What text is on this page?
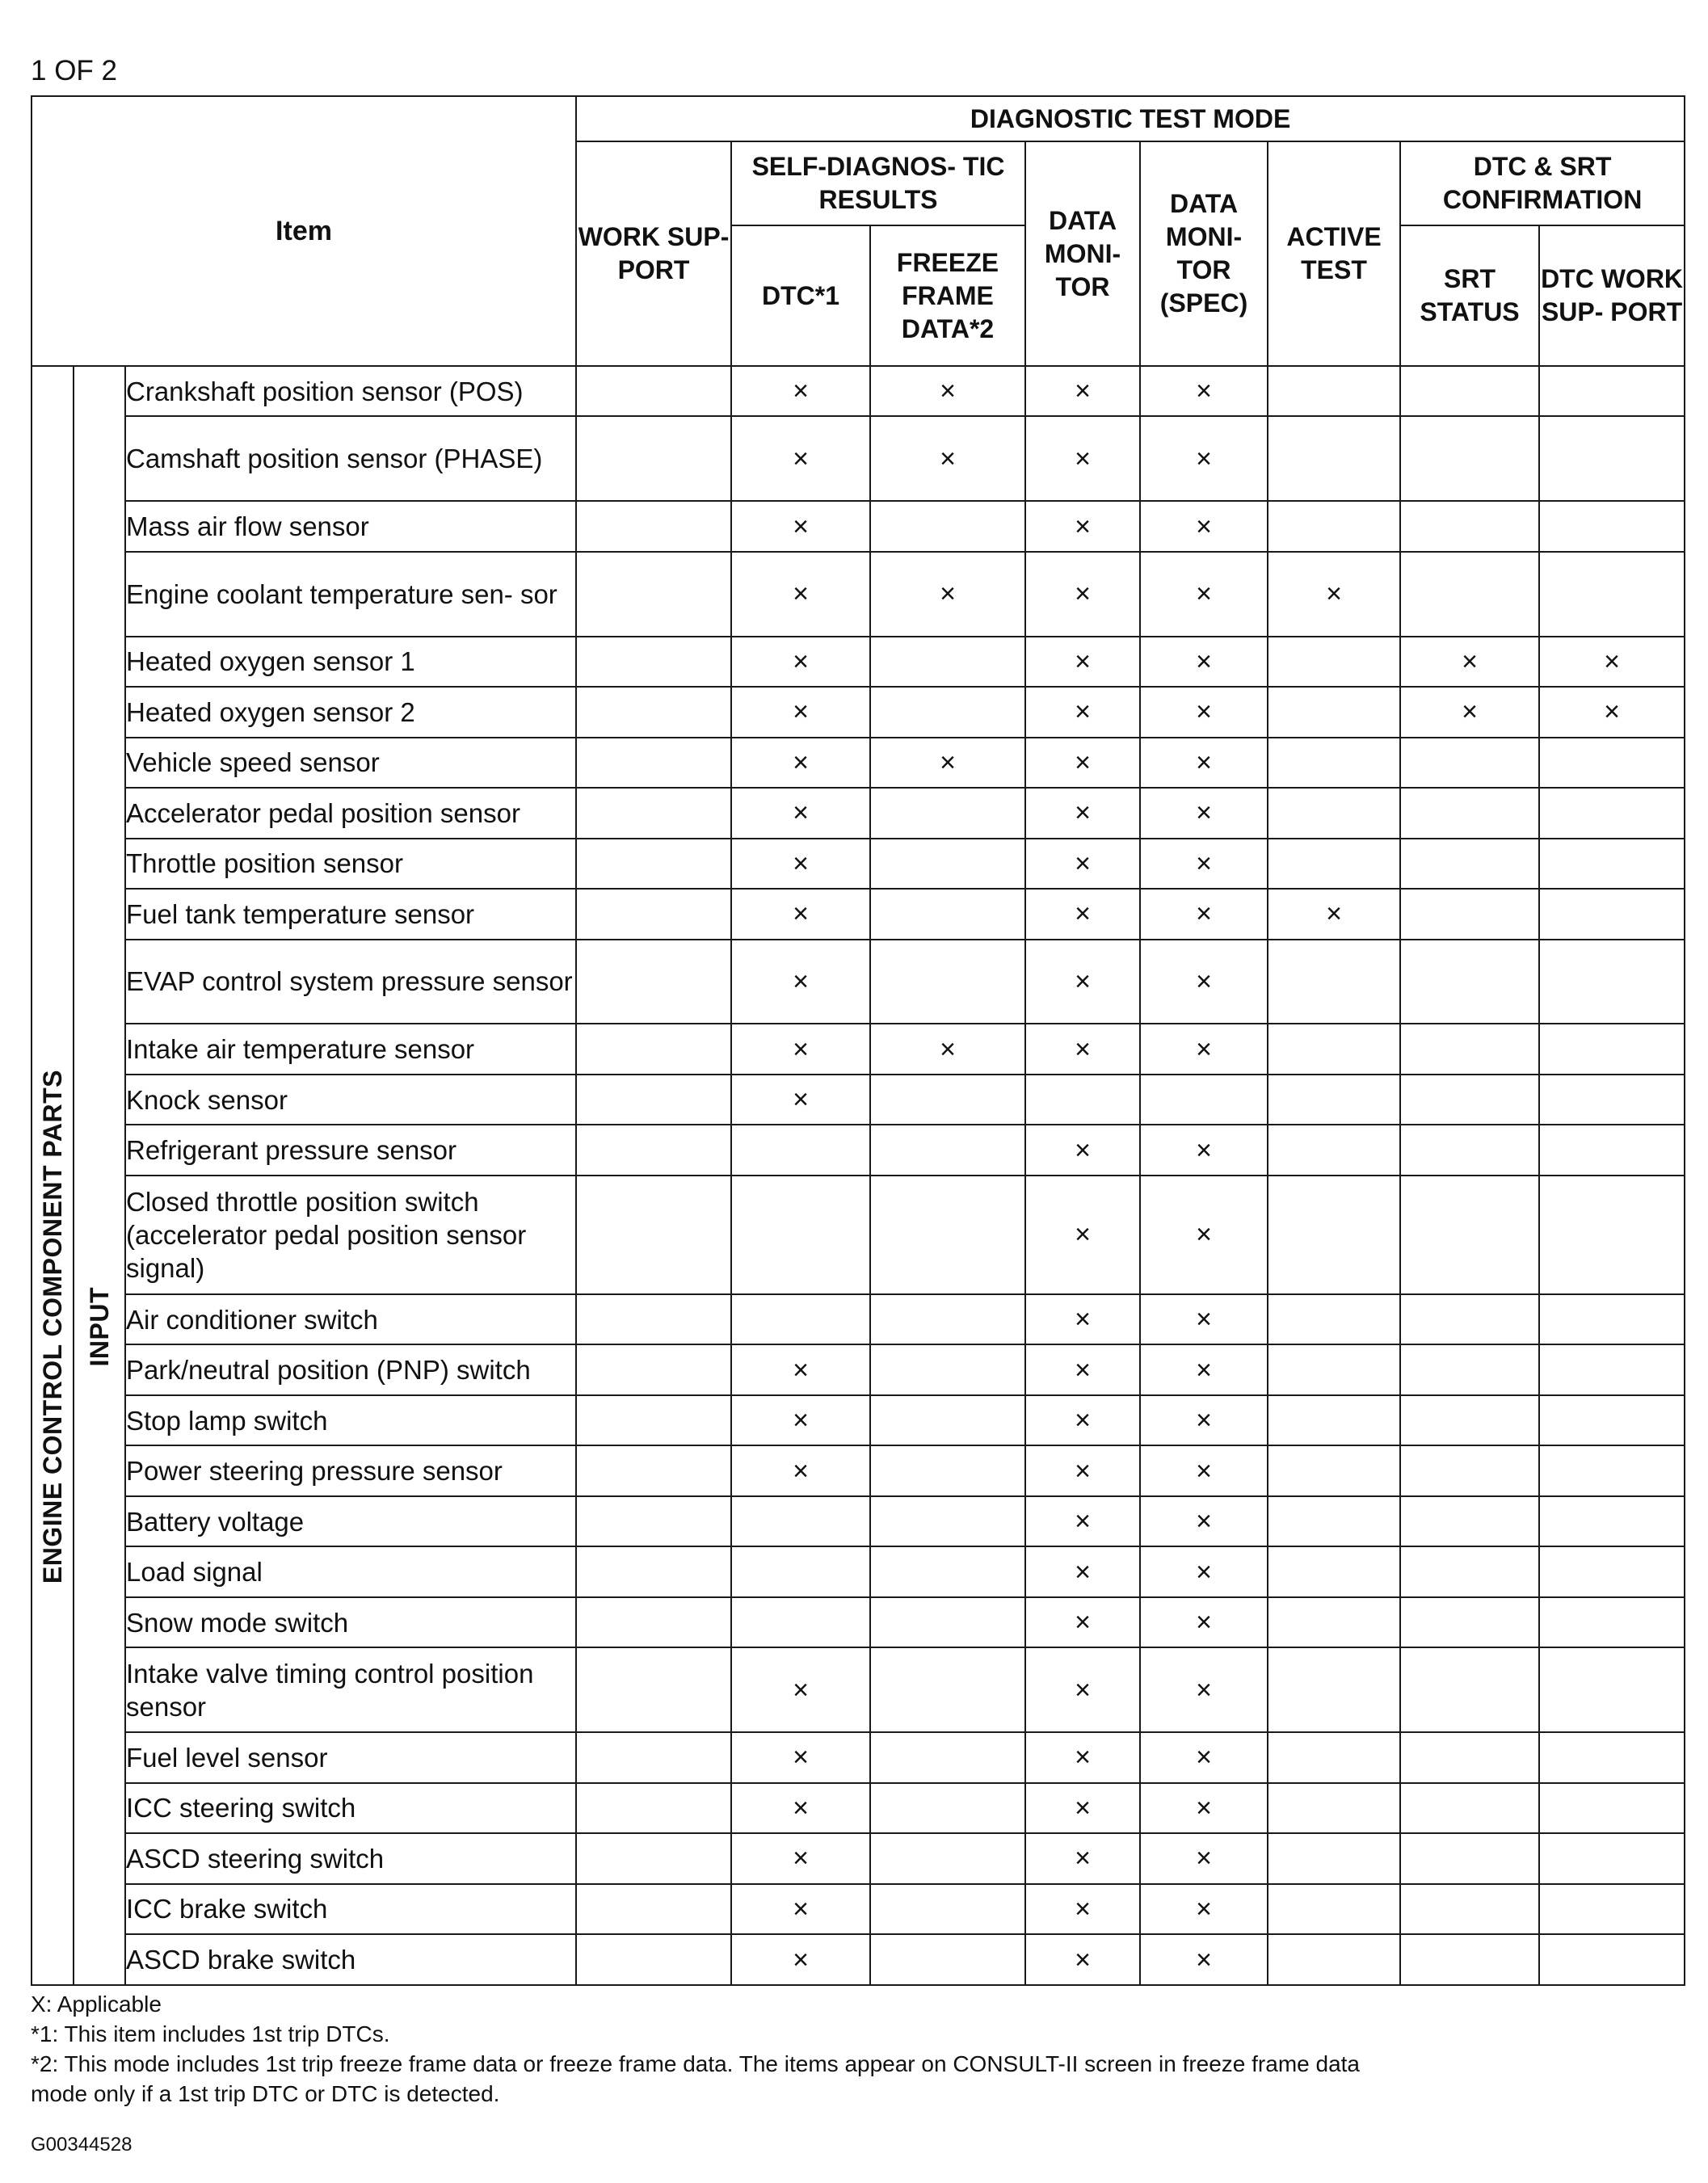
1 OF 2
Item			DIAGNOSTIC TEST MODE							
			WORK SUP- PORT	SELF-DIAGNOS- TIC RESULTS		DATA MONI- TOR	DATA MONI- TOR (SPEC)	ACTIVE TEST	DTC & SRT CONFIRMATION	
				DTC*1	FREEZE FRAME DATA*2				SRT STATUS	DTC WORK SUP- PORT
ENGINE CONTROL COMPONENT PARTS	INPUT	Crankshaft position sensor (POS)		×	×	×	×			
		Camshaft position sensor (PHASE)		×	×	×	×			
		Mass air flow sensor		×		×	×			
		Engine coolant temperature sen- sor		×	×	×	×	×		
		Heated oxygen sensor 1		×		×	×		×	×
		Heated oxygen sensor 2		×		×	×		×	×
		Vehicle speed sensor		×	×	×	×			
		Accelerator pedal position sensor		×		×	×			
		Throttle position sensor		×		×	×			
		Fuel tank temperature sensor		×		×	×	×		
		EVAP control system pressure sensor		×		×	×			
		Intake air temperature sensor		×	×	×	×			
		Knock sensor		×						
		Refrigerant pressure sensor				×	×			
		Closed throttle position switch (accelerator pedal position sensor signal)				×	×			
		Air conditioner switch				×	×			
		Park/neutral position (PNP) switch		×		×	×			
		Stop lamp switch		×		×	×			
		Power steering pressure sensor		×		×	×			
		Battery voltage				×	×			
		Load signal				×	×			
		Snow mode switch				×	×			
		Intake valve timing control position sensor		×		×	×			
		Fuel level sensor		×		×	×			
		ICC steering switch		×		×	×			
		ASCD steering switch		×		×	×			
		ICC brake switch		×		×	×			
		ASCD brake switch		×		×	×			
X: Applicable
*1: This item includes 1st trip DTCs.
*2: This mode includes 1st trip freeze frame data or freeze frame data. The items appear on CONSULT-II screen in freeze frame data
mode only if a 1st trip DTC or DTC is detected.
G00344528
